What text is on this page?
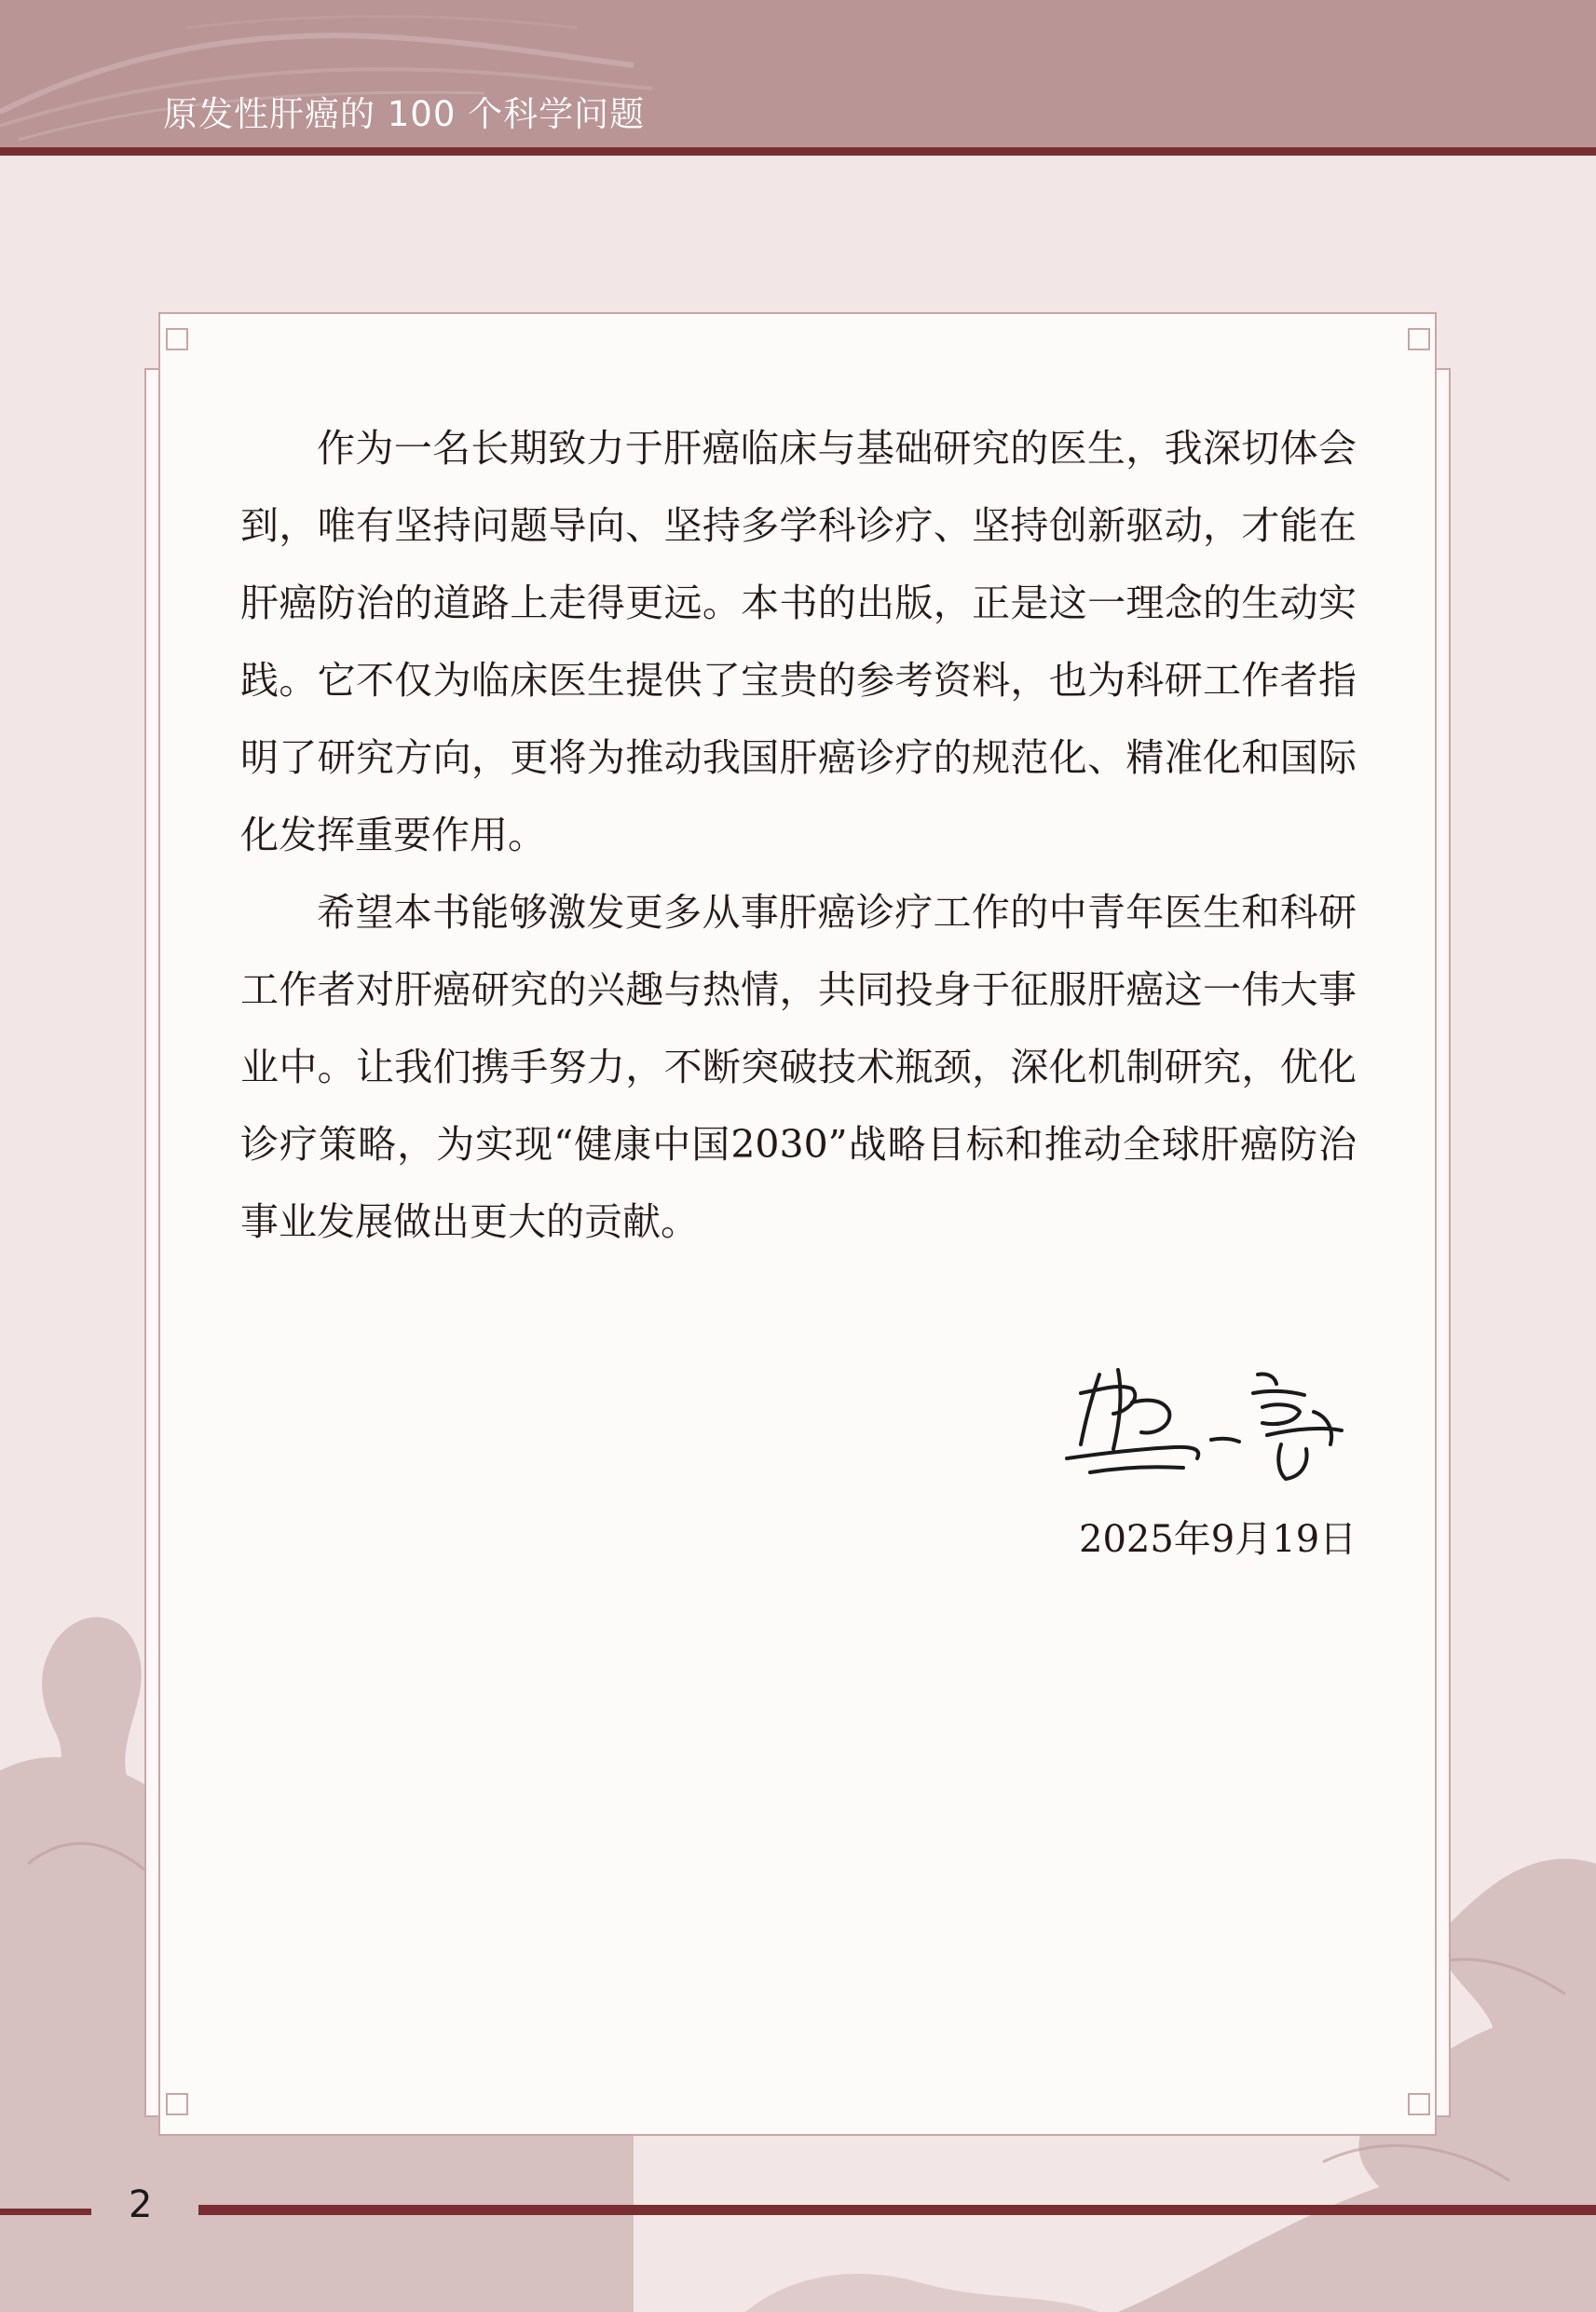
原发性肝癌的 100 个科学问题

作为一名长期致力于肝癌临床与基础研究的医生，我深切体会到，唯有坚持问题导向、坚持多学科诊疗、坚持创新驱动，才能在肝癌防治的道路上走得更远。本书的出版，正是这一理念的生动实践。它不仅为临床医生提供了宝贵的参考资料，也为科研工作者指明了研究方向，更将为推动我国肝癌诊疗的规范化、精准化和国际化发挥重要作用。

希望本书能够激发更多从事肝癌诊疗工作的中青年医生和科研工作者对肝癌研究的兴趣与热情，共同投身于征服肝癌这一伟大事业中。让我们携手努力，不断突破技术瓶颈，深化机制研究，优化诊疗策略，为实现“健康中国2030”战略目标和推动全球肝癌防治事业发展做出更大的贡献。

2025年9月19日
2
